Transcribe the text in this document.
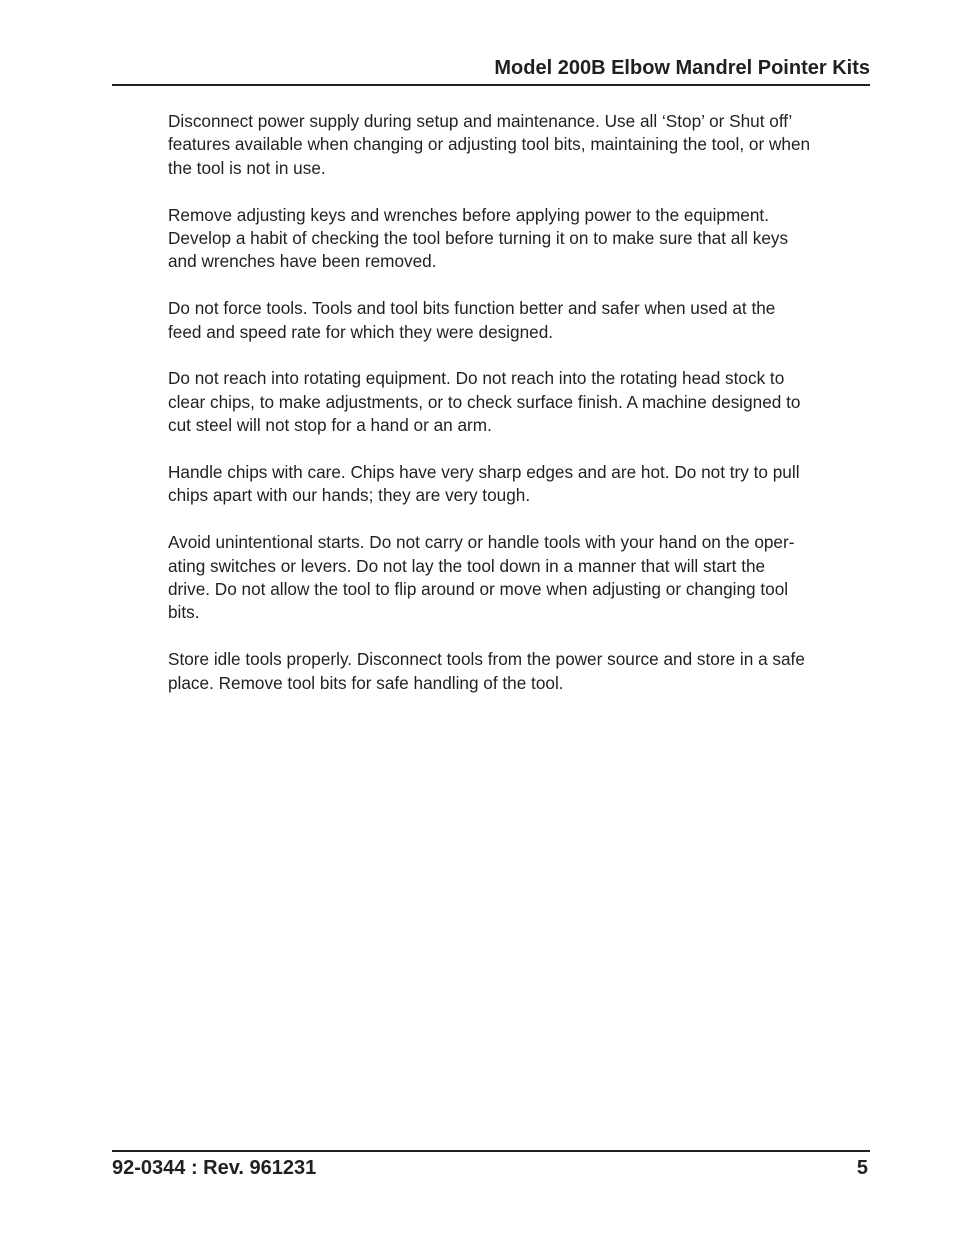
Model 200B Elbow Mandrel Pointer Kits

Disconnect power supply during setup and maintenance. Use all ‘Stop’ or Shut off’
features available when changing or adjusting tool bits, maintaining the tool, or when
the tool is not in use.

Remove adjusting keys and wrenches before applying power to the equipment.
Develop a habit of checking the tool before turning it on to make sure that all keys
and wrenches have been removed.

Do not force tools. Tools and tool bits function better and safer when used at the
feed and speed rate for which they were designed.

Do not reach into rotating equipment. Do not reach into the rotating head stock to
clear chips, to make adjustments, or to check surface finish. A machine designed to
cut steel will not stop for a hand or an arm.

Handle chips with care. Chips have very sharp edges and are hot. Do not try to pull
chips apart with our hands; they are very tough.

Avoid unintentional starts. Do not carry or handle tools with your hand on the oper-
ating switches or levers. Do not lay the tool down in a manner that will start the
drive. Do not allow the tool to flip around or move when adjusting or changing tool
bits.

Store idle tools properly. Disconnect tools from the power source and store in a safe
place. Remove tool bits for safe handling of the tool.

92-0344 : Rev. 961231	5
